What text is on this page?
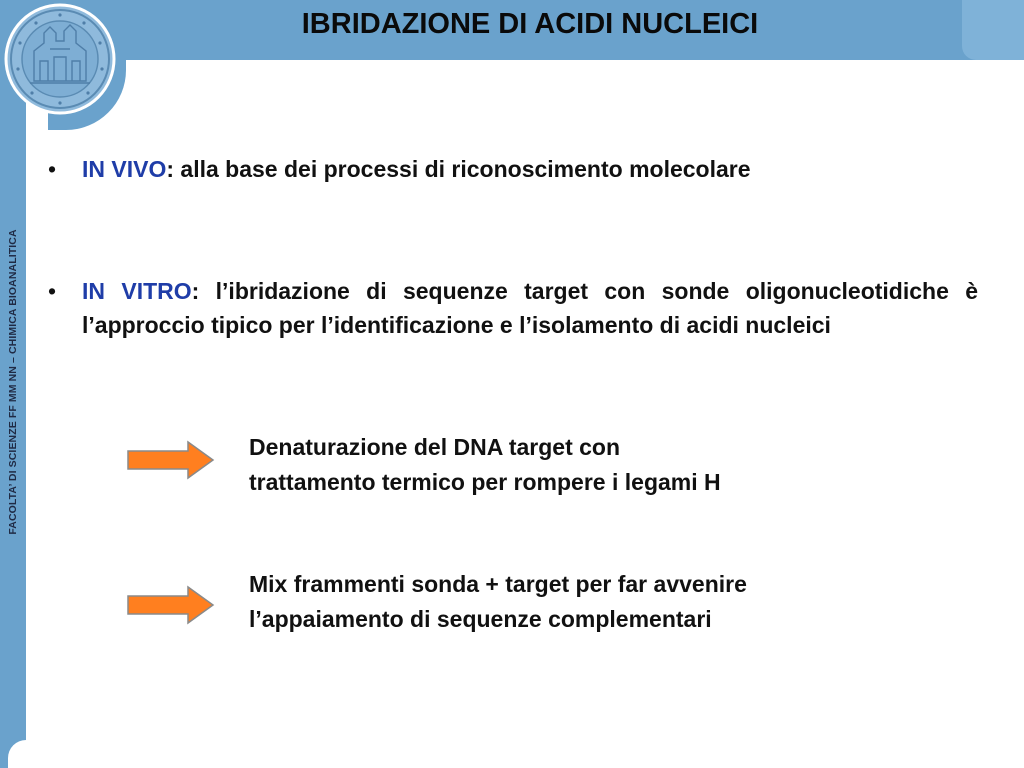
FACOLTA’ DI SCIENZE FF MM NN – CHIMICA BIOANALITICA
IBRIDAZIONE DI ACIDI NUCLEICI
• IN VIVO: alla base dei processi di riconoscimento molecolare
• IN VITRO: l’ibridazione di sequenze target con sonde oligonucleotidiche è l’approccio tipico per l’identificazione e l’isolamento di acidi nucleici
Denaturazione del DNA target con
trattamento termico per rompere i legami H
Mix frammenti sonda + target per far avvenire
l’appaiamento di sequenze complementari
